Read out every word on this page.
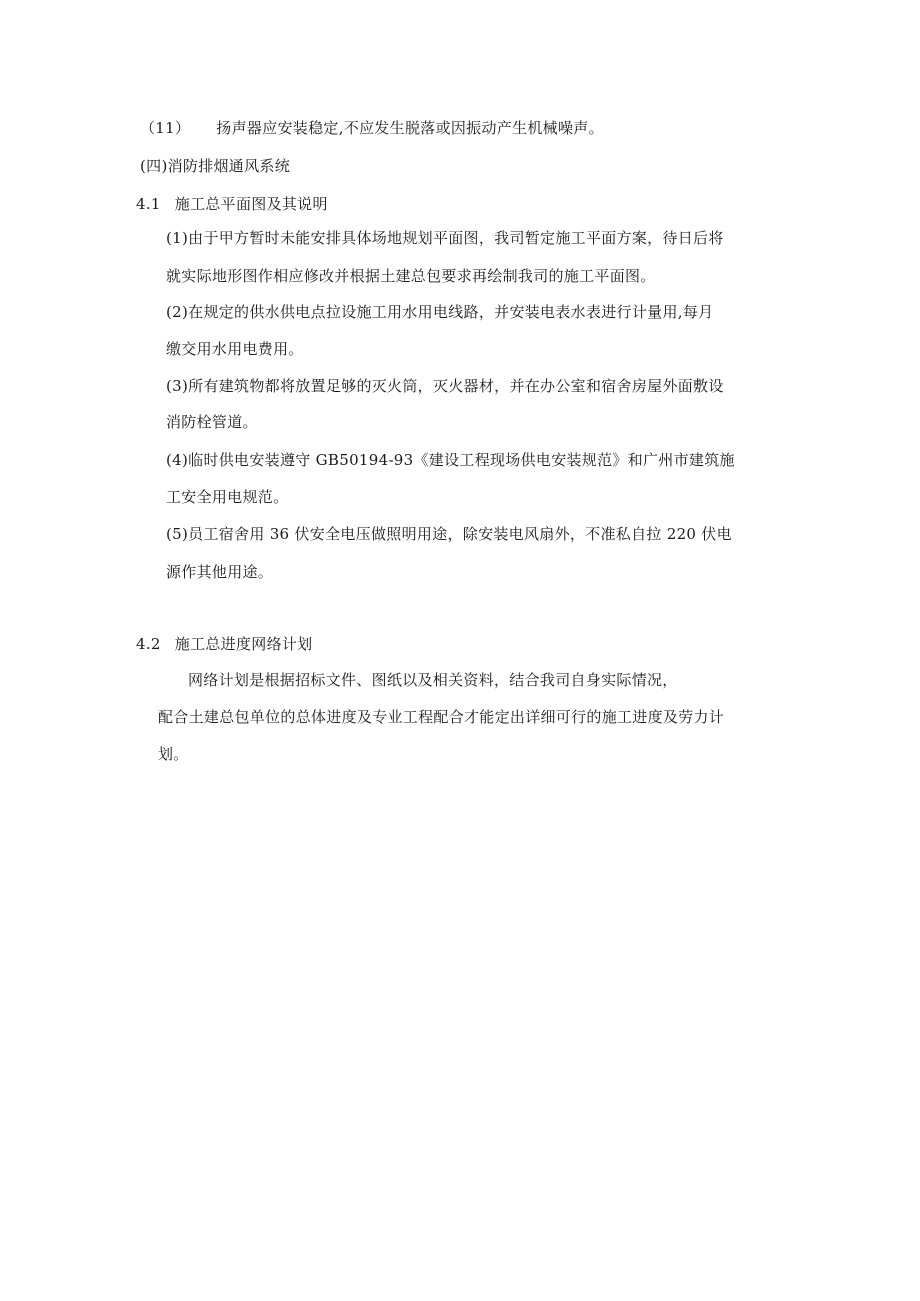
（11） 扬声器应安装稳定,不应发生脱落或因振动产生机械噪声。
(四)消防排烟通风系统
4.1 施工总平面图及其说明
(1)由于甲方暂时未能安排具体场地规划平面图，我司暂定施工平面方案，待日后将
就实际地形图作相应修改并根据土建总包要求再绘制我司的施工平面图。
(2)在规定的供水供电点拉设施工用水用电线路，并安装电表水表进行计量用,每月
缴交用水用电费用。
(3)所有建筑物都将放置足够的灭火筒，灭火器材，并在办公室和宿舍房屋外面敷设
消防栓管道。
(4)临时供电安装遵守 GB50194-93《建设工程现场供电安装规范》和广州市建筑施
工安全用电规范。
(5)员工宿舍用 36 伏安全电压做照明用途，除安装电风扇外，不准私自拉 220 伏电
源作其他用途。
4.2 施工总进度网络计划
网络计划是根据招标文件、图纸以及相关资料，结合我司自身实际情况，
配合土建总包单位的总体进度及专业工程配合才能定出详细可行的施工进度及劳力计
划。
